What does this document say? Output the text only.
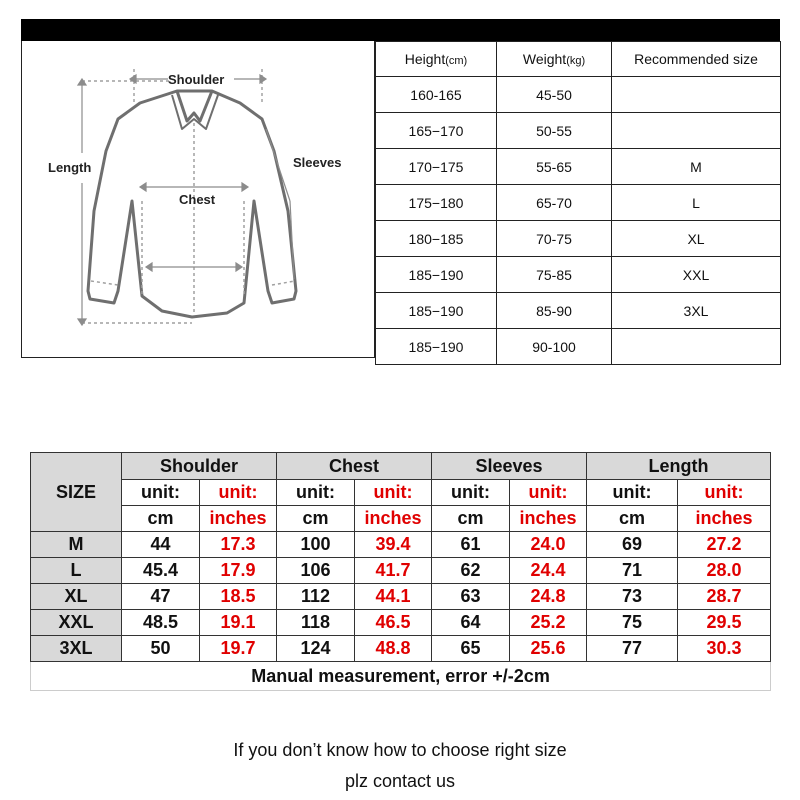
Shoulder
Length	Sleeves
Chest
Height(cm)	Weight(kg)	Recommended size
160-165	45-50	
165−170	50-55	
170−175	55-65	M
175−180	65-70	L
180−185	70-75	XL
185−190	75-85	XXL
185−190	85-90	3XL
185−190	90-100	
SIZE	Shoulder		Chest		Sleeves		Length	
	unit:	unit:	unit:	unit:	unit:	unit:	unit:	unit:
	cm	inches	cm	inches	cm	inches	cm	inches
M	44	17.3	100	39.4	61	24.0	69	27.2
L	45.4	17.9	106	41.7	62	24.4	71	28.0
XL	47	18.5	112	44.1	63	24.8	73	28.7
XXL	48.5	19.1	118	46.5	64	25.2	75	29.5
3XL	50	19.7	124	48.8	65	25.6	77	30.3
Manual measurement, error +/-2cm								
If you don’t know how to choose right size
plz contact us
